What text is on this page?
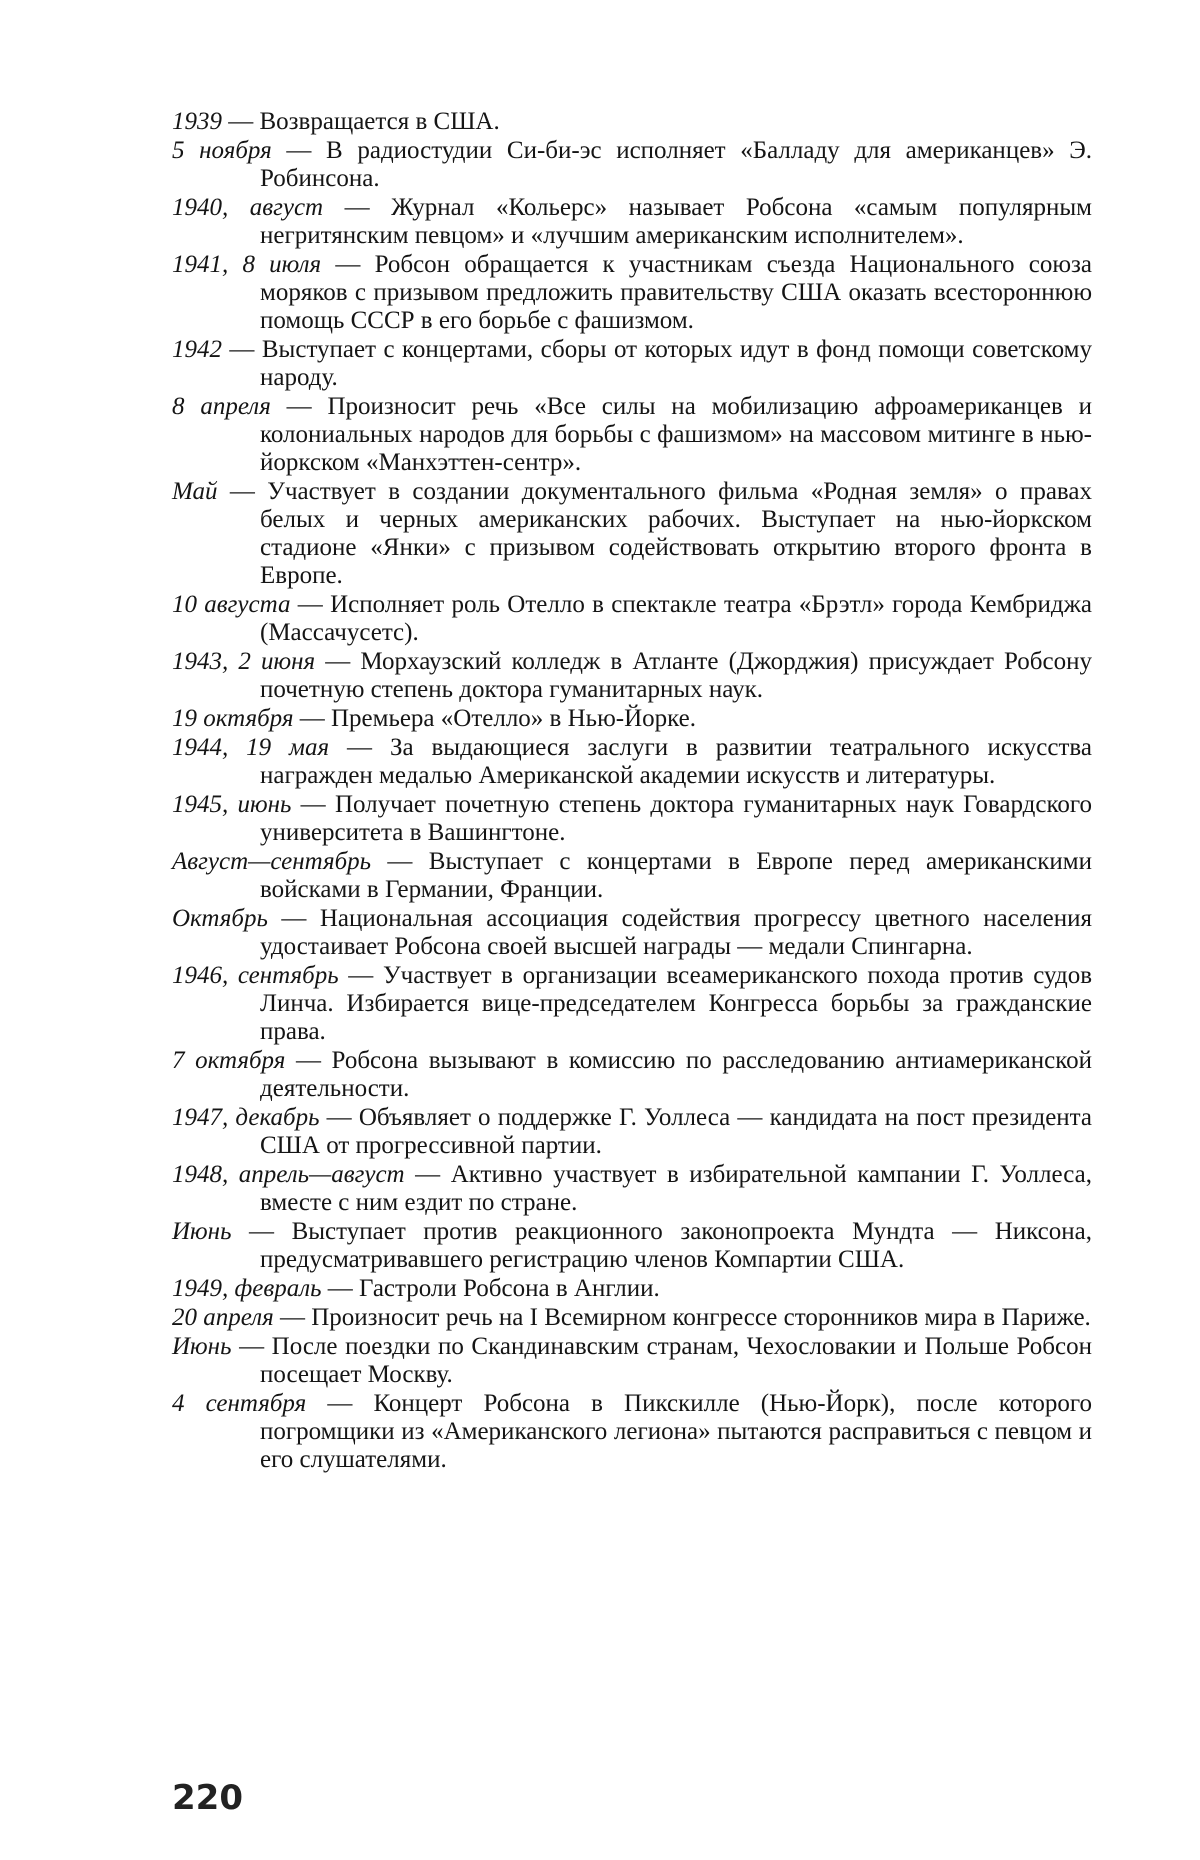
1939 — Возвращается в США.

5 ноября — В радиостудии Си-би-эс исполняет «Балладу для американцев» Э. Робинсона.

1940, август — Журнал «Кольерс» называет Робсона «самым популярным негритянским певцом» и «лучшим американским исполнителем».

1941, 8 июля — Робсон обращается к участникам съезда Национального союза моряков с призывом предложить правительству США оказать всестороннюю помощь СССР в его борьбе с фашизмом.

1942 — Выступает с концертами, сборы от которых идут в фонд помощи советскому народу.

8 апреля — Произносит речь «Все силы на мобилизацию афроамериканцев и колониальных народов для борьбы с фашизмом» на массовом митинге в нью-йоркском «Манхэттен-сентр».

Май — Участвует в создании документального фильма «Родная земля» о правах белых и черных американских рабочих. Выступает на нью-йоркском стадионе «Янки» с призывом содействовать открытию второго фронта в Европе.

10 августа — Исполняет роль Отелло в спектакле театра «Брэтл» города Кембриджа (Массачусетс).

1943, 2 июня — Морхаузский колледж в Атланте (Джорджия) присуждает Робсону почетную степень доктора гуманитарных наук.

19 октября — Премьера «Отелло» в Нью-Йорке.

1944, 19 мая — За выдающиеся заслуги в развитии театрального искусства награжден медалью Американской академии искусств и литературы.

1945, июнь — Получает почетную степень доктора гуманитарных наук Говардского университета в Вашингтоне.

Август—сентябрь — Выступает с концертами в Европе перед американскими войсками в Германии, Франции.

Октябрь — Национальная ассоциация содействия прогрессу цветного населения удостаивает Робсона своей высшей награды — медали Спингарна.

1946, сентябрь — Участвует в организации всеамериканского похода против судов Линча. Избирается вице-председателем Конгресса борьбы за гражданские права.

7 октября — Робсона вызывают в комиссию по расследованию антиамериканской деятельности.

1947, декабрь — Объявляет о поддержке Г. Уоллеса — кандидата на пост президента США от прогрессивной партии.

1948, апрель—август — Активно участвует в избирательной кампании Г. Уоллеса, вместе с ним ездит по стране.

Июнь — Выступает против реакционного законопроекта Мундта — Никсона, предусматривавшего регистрацию членов Компартии США.

1949, февраль — Гастроли Робсона в Англии.

20 апреля — Произносит речь на I Всемирном конгрессе сторонников мира в Париже.

Июнь — После поездки по Скандинавским странам, Чехословакии и Польше Робсон посещает Москву.

4 сентября — Концерт Робсона в Пикскилле (Нью-Йорк), после которого погромщики из «Американского легиона» пытаются расправиться с певцом и его слушателями.

220
